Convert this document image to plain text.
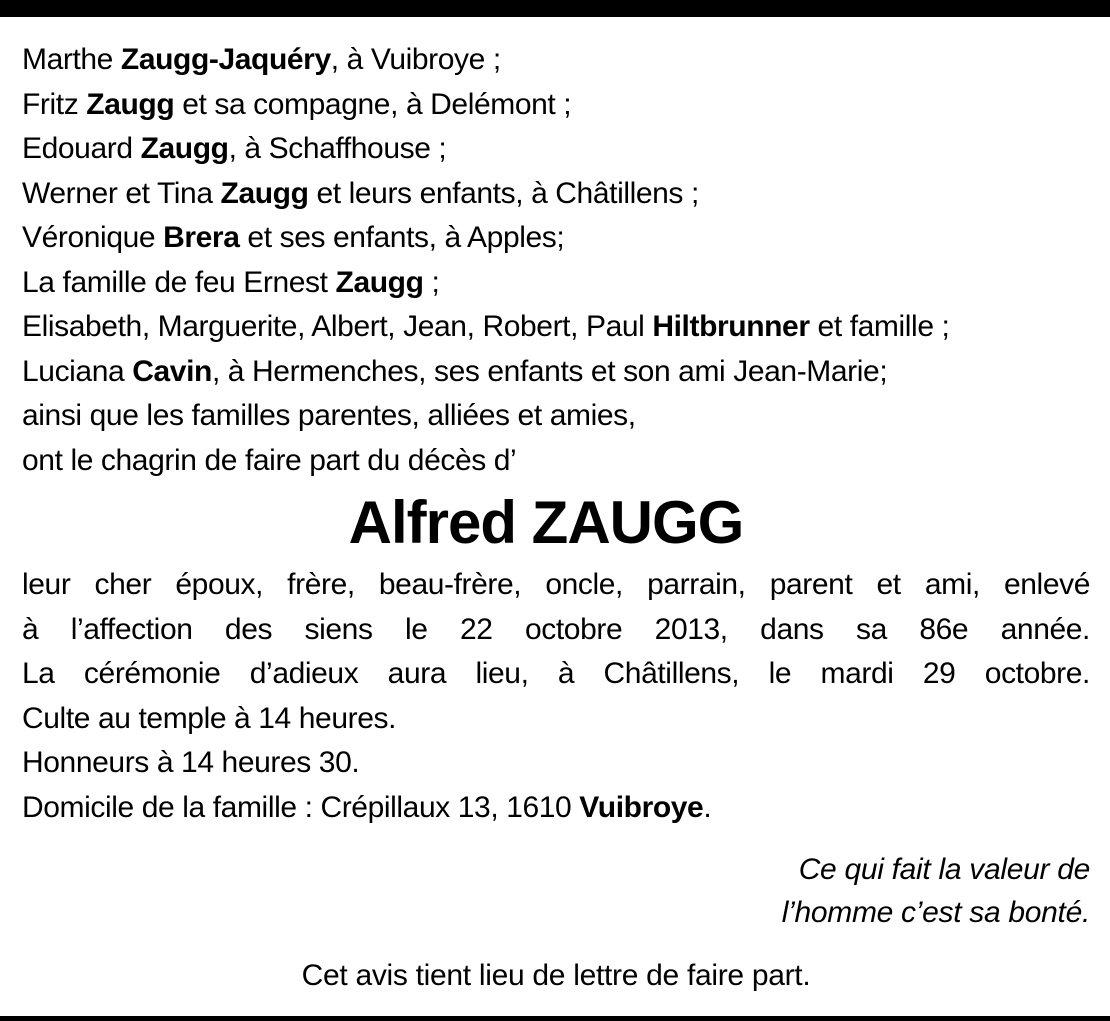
Marthe Zaugg-Jaquéry, à Vuibroye ;
Fritz Zaugg et sa compagne, à Delémont ;
Edouard Zaugg, à Schaffhouse ;
Werner et Tina Zaugg et leurs enfants, à Châtillens ;
Véronique Brera et ses enfants, à Apples;
La famille de feu Ernest Zaugg ;
Elisabeth, Marguerite, Albert, Jean, Robert, Paul Hiltbrunner et famille ;
Luciana Cavin, à Hermenches, ses enfants et son ami Jean-Marie;
ainsi que les familles parentes, alliées et amies,
ont le chagrin de faire part du décès d’
Alfred ZAUGG
leur cher époux, frère, beau-frère, oncle, parrain, parent et ami, enlevé
à l’affection des siens le 22 octobre 2013, dans sa 86e année.
La cérémonie d’adieux aura lieu, à Châtillens, le mardi 29 octobre.
Culte au temple à 14 heures.
Honneurs à 14 heures 30.
Domicile de la famille : Crépillaux 13, 1610 Vuibroye.
Ce qui fait la valeur de
l’homme c’est sa bonté.
Cet avis tient lieu de lettre de faire part.
